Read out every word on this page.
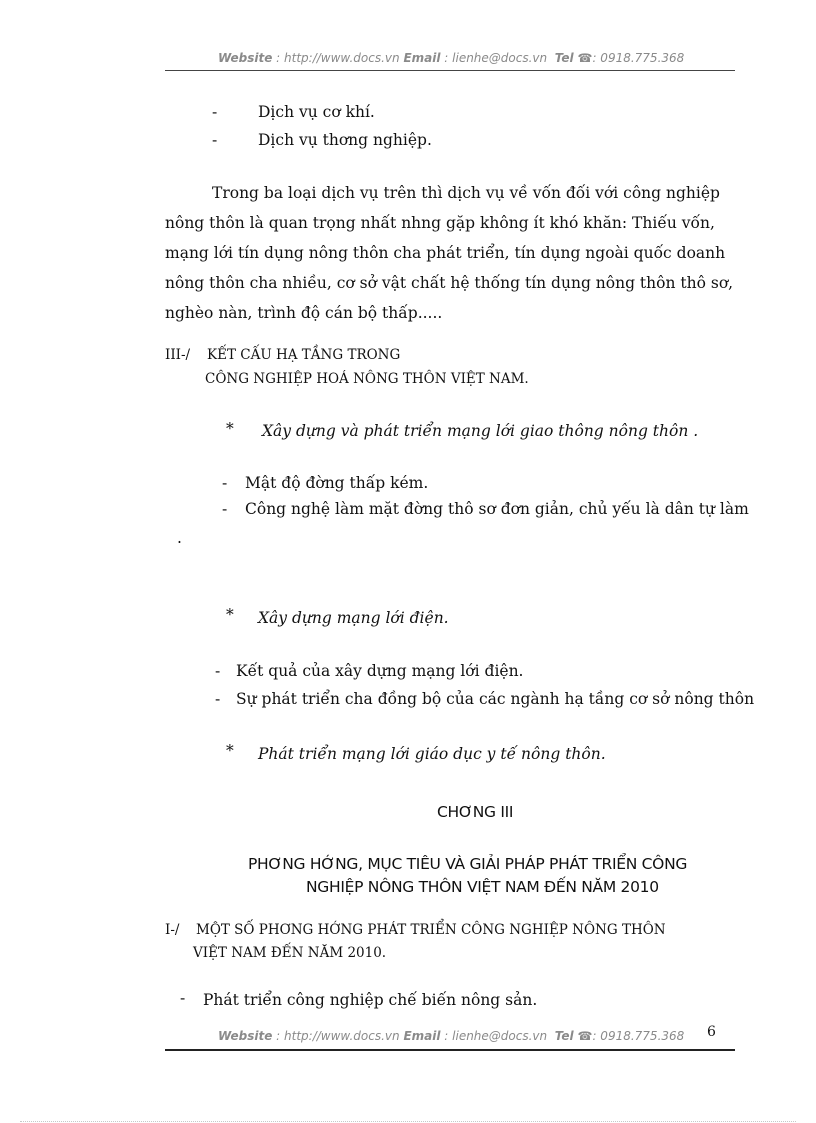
Website : http://www.docs.vn Email : lienhe@docs.vn Tel ☎: 0918.775.368
-	Dịch vụ cơ khí.
-	Dịch vụ thơng nghiệp.
Trong ba loại dịch vụ trên thì dịch vụ về vốn đối với công nghiệp
nông thôn là quan trọng nhất nhng gặp không ít khó khăn: Thiếu vốn,
mạng lới tín dụng nông thôn cha phát triển, tín dụng ngoài quốc doanh
nông thôn cha nhiều, cơ sở vật chất hệ thống tín dụng nông thôn thô sơ,
nghèo nàn, trình độ cán bộ thấp.....
III-/ KẾT CẤU HẠ TẦNG TRONG
CÔNG NGHIỆP HOÁ NÔNG THÔN VIỆT NAM.
* Xây dựng và phát triển mạng lới giao thông nông thôn .
- Mật độ đờng thấp kém.
- Công nghệ làm mặt đờng thô sơ đơn giản, chủ yếu là dân tự làm
.
* Xây dựng mạng lới điện.
- Kết quả của xây dựng mạng lới điện.
- Sự phát triển cha đồng bộ của các ngành hạ tầng cơ sở nông thôn
* Phát triển mạng lới giáo dục y tế nông thôn.
CHƠNG III
PHƠNG HỚNG, MỤC TIÊU VÀ GIẢI PHÁP PHÁT TRIỂN CÔNG
NGHIỆP NÔNG THÔN VIỆT NAM ĐẾN NĂM 2010
I-/ MỘT SỐ PHƠNG HỚNG PHÁT TRIỂN CÔNG NGHIỆP NÔNG THÔN
VIỆT NAM ĐẾN NĂM 2010.
- Phát triển công nghiệp chế biến nông sản.
Website : http://www.docs.vn Email : lienhe@docs.vn Tel ☎: 0918.775.368 6
